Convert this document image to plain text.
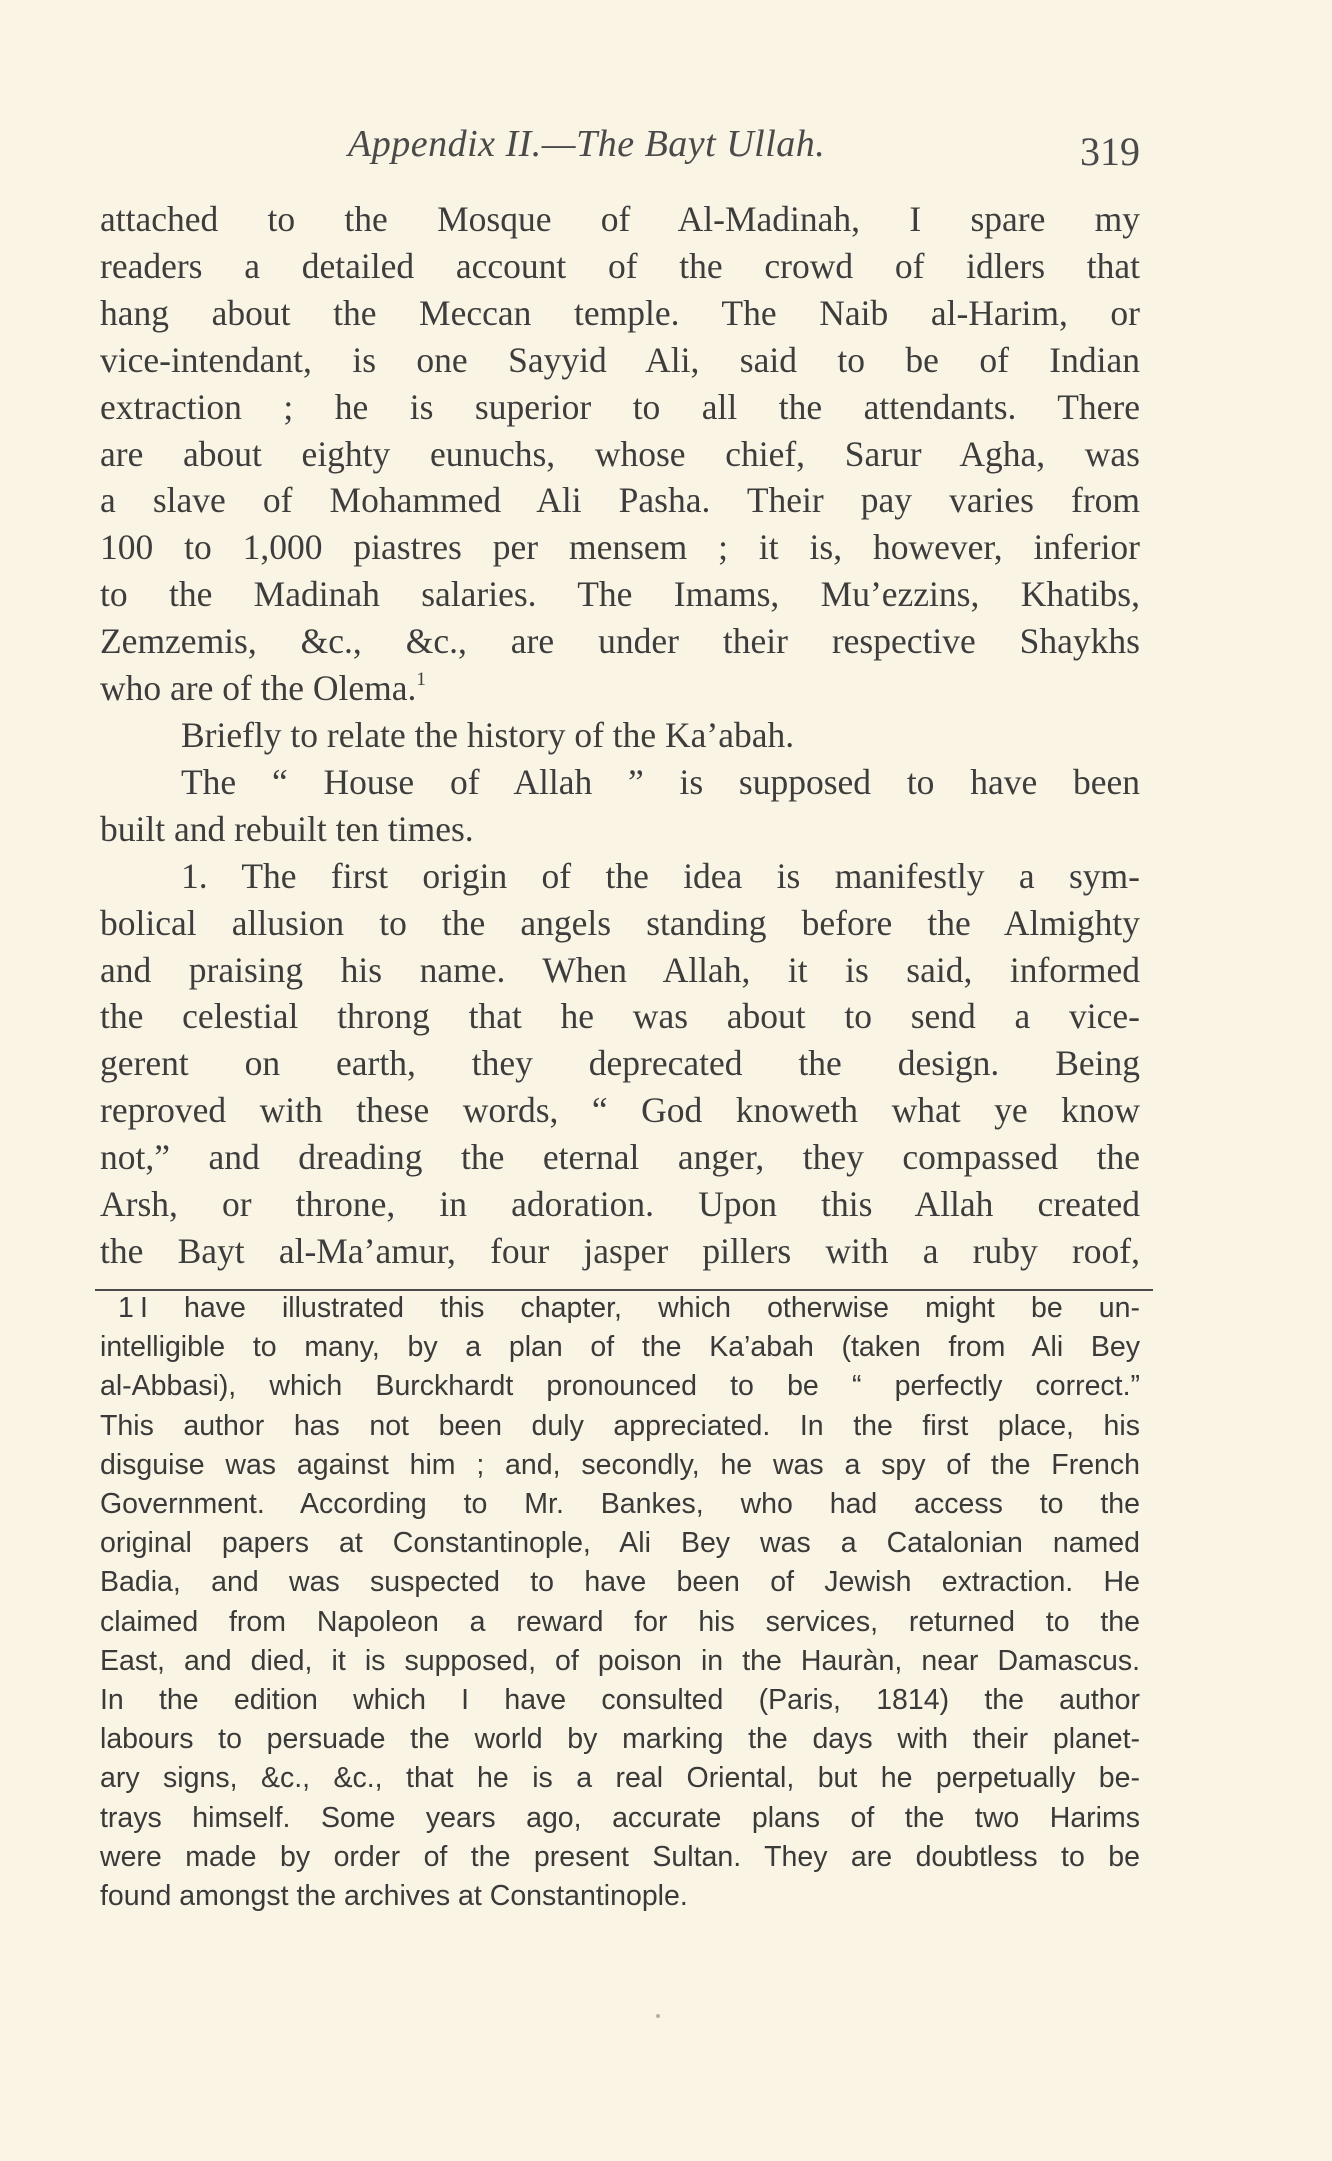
Appendix II.—The Bayt Ullah.	319

attached to the Mosque of Al-Madinah, I spare my

readers a detailed account of the crowd of idlers that

hang about the Meccan temple. The Naib al-Harim, or

vice-intendant, is one Sayyid Ali, said to be of Indian

extraction ; he is superior to all the attendants. There

are about eighty eunuchs, whose chief, Sarur Agha, was

a slave of Mohammed Ali Pasha. Their pay varies from

100 to 1,000 piastres per mensem ; it is, however, inferior

to the Madinah salaries. The Imams, Mu’ezzins, Khatibs,

Zemzemis, &c., &c., are under their respective Shaykhs

who are of the Olema.$^1$

Briefly to relate the history of the Ka’abah.

The “ House of Allah ” is supposed to have been

built and rebuilt ten times.

1. The first origin of the idea is manifestly a sym-

bolical allusion to the angels standing before the Almighty

and praising his name. When Allah, it is said, informed

the celestial throng that he was about to send a vice-

gerent on earth, they deprecated the design. Being

reproved with these words, “ God knoweth what ye know

not,” and dreading the eternal anger, they compassed the

Arsh, or throne, in adoration. Upon this Allah created

the Bayt al-Ma’amur, four jasper pillers with a ruby roof,

1 I have illustrated this chapter, which otherwise might be un-

intelligible to many, by a plan of the Ka’abah (taken from Ali Bey

al-Abbasi), which Burckhardt pronounced to be “ perfectly correct.”

This author has not been duly appreciated. In the first place, his

disguise was against him ; and, secondly, he was a spy of the French

Government. According to Mr. Bankes, who had access to the

original papers at Constantinople, Ali Bey was a Catalonian named

Badia, and was suspected to have been of Jewish extraction. He

claimed from Napoleon a reward for his services, returned to the

East, and died, it is supposed, of poison in the Hauràn, near Damascus.

In the edition which I have consulted (Paris, 1814) the author

labours to persuade the world by marking the days with their planet-

ary signs, &c., &c., that he is a real Oriental, but he perpetually be-

trays himself. Some years ago, accurate plans of the two Harims

were made by order of the present Sultan. They are doubtless to be

found amongst the archives at Constantinople.
